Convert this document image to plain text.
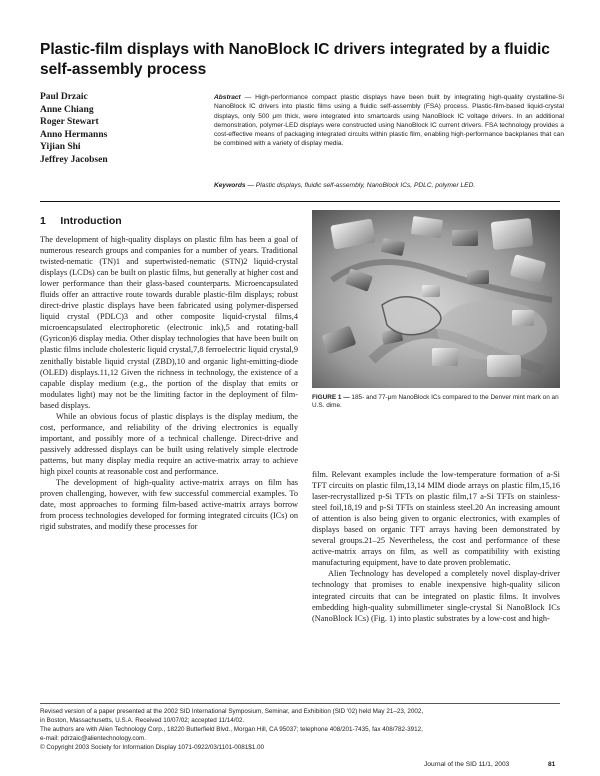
Plastic-film displays with NanoBlock IC drivers integrated by a fluidic self-assembly process
Paul Drzaic
Anne Chiang
Roger Stewart
Anno Hermanns
Yijian Shi
Jeffrey Jacobsen
Abstract — High-performance compact plastic displays have been built by integrating high-quality crystalline-Si NanoBlock IC drivers into plastic films using a fluidic self-assembly (FSA) process. Plastic-film-based liquid-crystal displays, only 500 μm thick, were integrated into smartcards using NanoBlock IC voltage drivers. In an additional demonstration, polymer-LED displays were constructed using NanoBlock IC current drivers. FSA technology provides a cost-effective means of packaging integrated circuits within plastic film, enabling high-performance backplanes that can be combined with a variety of display media.
Keywords — Plastic displays, fluidic self-assembly, NanoBlock ICs, PDLC, polymer LED.
1     Introduction

The development of high-quality displays on plastic film has been a goal of numerous research groups and companies for a number of years. Traditional twisted-nematic (TN)1 and supertwisted-nematic (STN)2 liquid-crystal displays (LCDs) can be built on plastic films, but generally at higher cost and lower performance than their glass-based counterparts. Microencapsulated fluids offer an attractive route towards durable plastic-film displays; robust direct-drive plastic displays have been fabricated using polymer-dispersed liquid crystal (PDLC)3 and other composite liquid-crystal films,4 microencapsulated electrophoretic (electronic ink),5 and rotating-ball (Gyricon)6 display media. Other display technologies that have been built on plastic films include cholesteric liquid crystal,7,8 ferroelectric liquid crystal,9 zenithally bistable liquid crystal (ZBD),10 and organic light-emitting-diode (OLED) displays.11,12 Given the richness in technology, the existence of a capable display medium (e.g., the portion of the display that emits or modulates light) may not be the limiting factor in the deployment of film-based displays.

While an obvious focus of plastic displays is the display medium, the cost, performance, and reliability of the driving electronics is equally important, and possibly more of a technical challenge. Direct-drive and passively addressed displays can be built using relatively simple electrode patterns, but many display media require an active-matrix array to achieve high pixel counts at reasonable cost and performance.

The development of high-quality active-matrix arrays on film has proven challenging, however, with few successful commercial examples. To date, most approaches to forming film-based active-matrix arrays borrow from process technologies developed for forming integrated circuits (ICs) on rigid substrates, and modify these processes for

FIGURE 1 — 185- and 77-μm NanoBlock ICs compared to the Denver mint mark on an U.S. dime.

film. Relevant examples include the low-temperature formation of a-Si TFT circuits on plastic film,13,14 MIM diode arrays on plastic film,15,16 laser-recrystallized p-Si TFTs on plastic film,17 a-Si TFTs on stainless-steel foil,18,19 and p-Si TFTs on stainless steel.20 An increasing amount of attention is also being given to organic electronics, with examples of displays based on organic TFT arrays having been demonstrated by several groups.21–25 Nevertheless, the cost and performance of these active-matrix arrays on film, as well as compatibility with existing manufacturing equipment, have to date proven problematic.

Alien Technology has developed a completely novel display-driver technology that promises to enable inexpensive high-quality silicon integrated circuits that can be integrated on plastic films. It involves embedding high-quality submillimeter single-crystal Si NanoBlock ICs (NanoBlock ICs) (Fig. 1) into plastic substrates by a low-cost and high-

Revised version of a paper presented at the 2002 SID International Symposium, Seminar, and Exhibition (SID '02) held May 21–23, 2002,
in Boston, Massachusetts, U.S.A. Received 10/07/02; accepted 11/14/02.
The authors are with Alien Technology Corp., 18220 Butterfield Blvd., Morgan Hill, CA 95037; telephone 408/201-7435, fax 408/782-3912,
e-mail: pdrzaic@alientechnology.com.
© Copyright 2003 Society for Information Display 1071-0922/03/1101-0081$1.00
Journal of the SID 11/1, 2003	81
